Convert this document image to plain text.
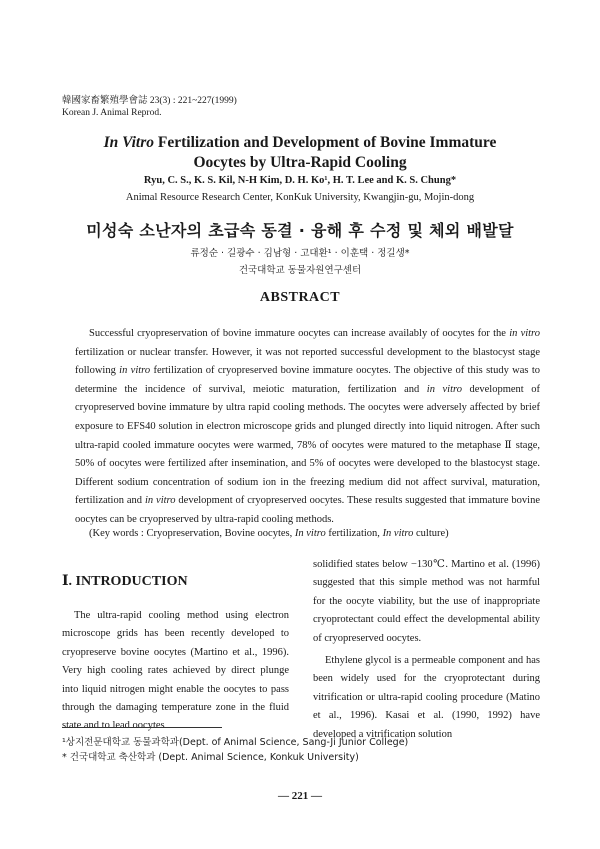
韓國家畜繁殖學會誌 23(3) : 221~227(1999)
Korean J. Animal Reprod.
In Vitro Fertilization and Development of Bovine Immature
Oocytes by Ultra-Rapid Cooling
Ryu, C. S., K. S. Kil, N-H Kim, D. H. Ko¹, H. T. Lee and K. S. Chung*
Animal Resource Research Center, KonKuk University, Kwangjin-gu, Mojin-dong
미성숙 소난자의 초급속 동결 · 융해 후 수정 및 체외 배발달
류정순 · 길광수 · 김남형 · 고대환¹ · 이훈택 · 정길생*
건국대학교 동물자원연구센터
ABSTRACT

Successful cryopreservation of bovine immature oocytes can increase availably of oocytes for the in vitro fertilization or nuclear transfer. However, it was not reported successful development to the blastocyst stage following in vitro fertilization of cryopreserved bovine immature oocytes. The objective of this study was to determine the incidence of survival, meiotic maturation, fertilization and in vitro development of cryopreserved bovine immature by ultra rapid cooling methods. The oocytes were adversely affected by brief exposure to EFS40 solution in electron microscope grids and plunged directly into liquid nitrogen. After such ultra-rapid cooled immature oocytes were warmed, 78% of oocytes were matured to the metaphase Ⅱ stage, 50% of oocytes were fertilized after insemination, and 5% of oocytes were developed to the blastocyst stage. Different sodium concentration of sodium ion in the freezing medium did not affect survival, maturation, fertilization and in vitro development of cryopreserved oocytes. These results suggested that immature bovine oocytes can be cryopreserved by ultra-rapid cooling methods.

(Key words : Cryopreservation, Bovine oocytes, In vitro fertilization, In vitro culture)
Ⅰ. INTRODUCTION

The ultra-rapid cooling method using electron microscope grids has been recently developed to cryopreserve bovine oocytes (Martino et al., 1996). Very high cooling rates achieved by direct plunge into liquid nitrogen might enable the oocytes to pass through the damaging temperature zone in the fluid state and to lead oocytes

solidified states below −130℃. Martino et al. (1996) suggested that this simple method was not harmful for the oocyte viability, but the use of inappropriate cryoprotectant could effect the developmental ability of cryopreserved oocytes.

Ethylene glycol is a permeable component and has been widely used for the cryoprotectant during vitrification or ultra-rapid cooling procedure (Matino et al., 1996). Kasai et al. (1990, 1992) have developed a vitrification solution

¹상지전문대학교 동물과학과(Dept. of Animal Science, Sang-Ji Junior College)
* 건국대학교 축산학과 (Dept. Animal Science, Konkuk University)
— 221 —
